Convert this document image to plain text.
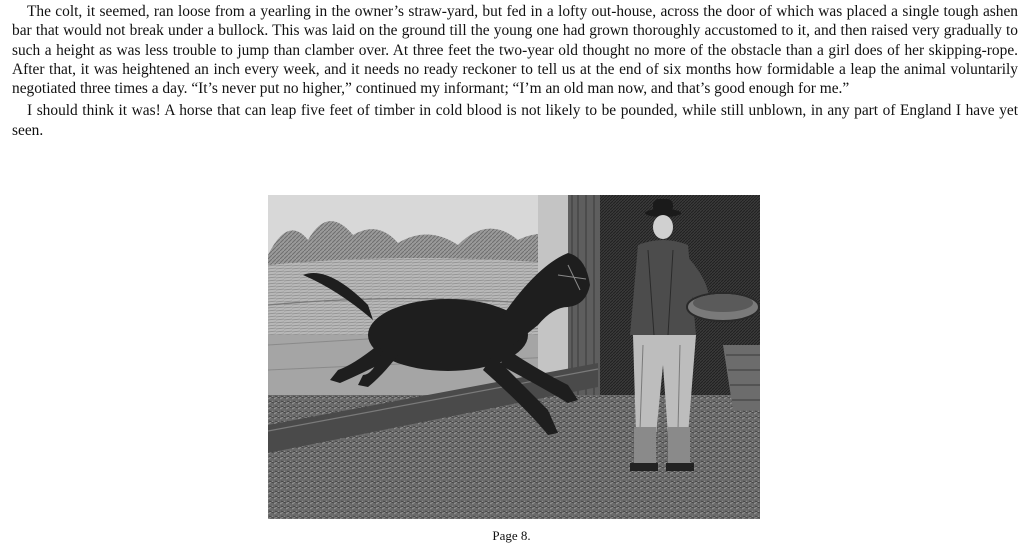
The colt, it seemed, ran loose from a yearling in the owner’s straw-yard, but fed in a lofty out-house, across the door of which was placed a single tough ashen bar that would not break under a bullock. This was laid on the ground till the young one had grown thoroughly accustomed to it, and then raised very gradually to such a height as was less trouble to jump than clamber over. At three feet the two-year old thought no more of the obstacle than a girl does of her skipping-rope. After that, it was heightened an inch every week, and it needs no ready reckoner to tell us at the end of six months how formidable a leap the animal voluntarily negotiated three times a day. “It’s never put no higher,” continued my informant; “I’m an old man now, and that’s good enough for me.”

I should think it was! A horse that can leap five feet of timber in cold blood is not likely to be pounded, while still unblown, in any part of England I have yet seen.

Page 8.
